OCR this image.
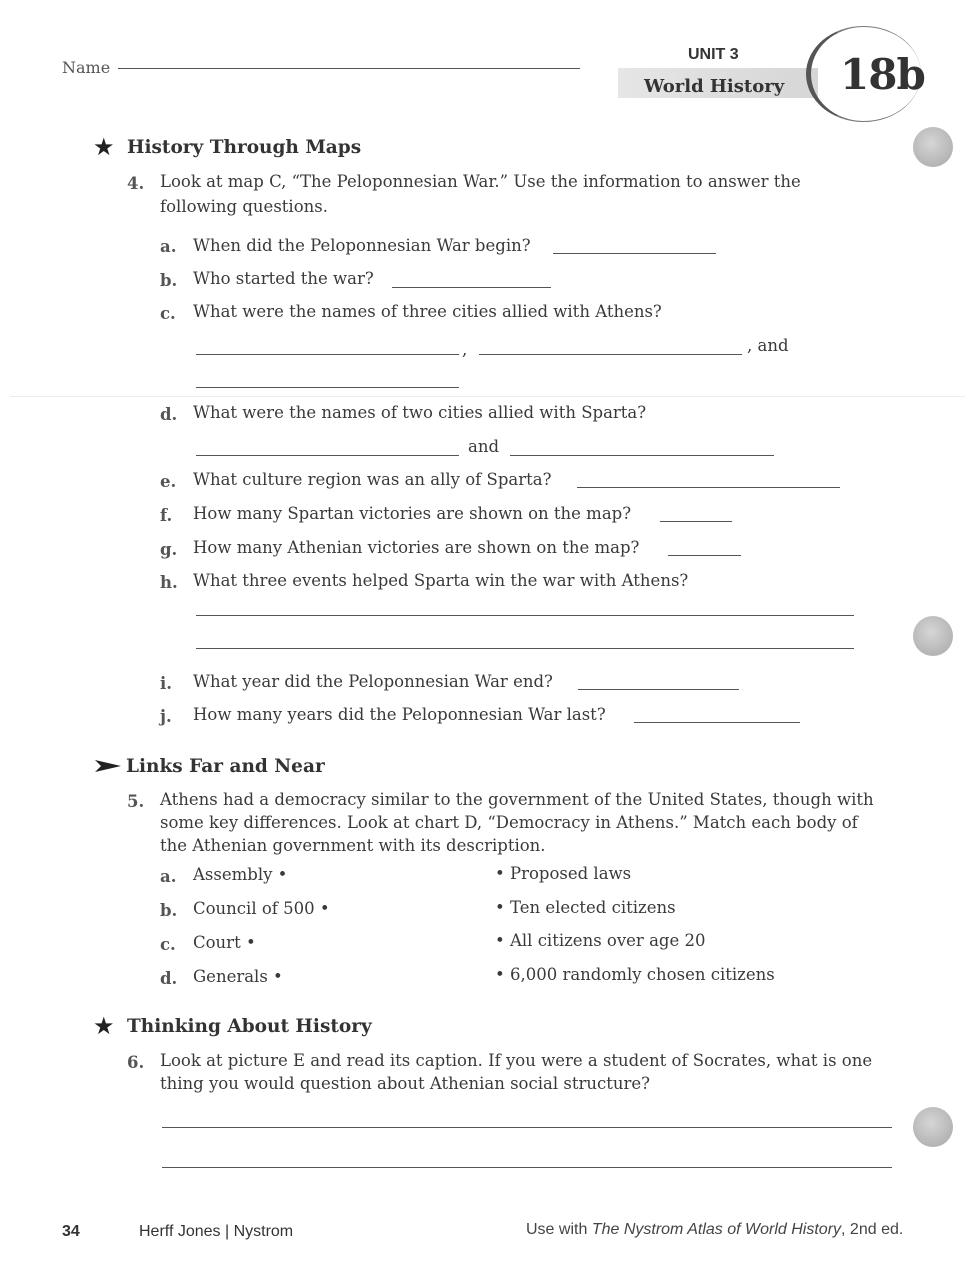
Name
UNIT 3
World History 18b
★ History Through Maps
4. Look at map C, “The Peloponnesian War.” Use the information to answer the
following questions.
a. When did the Peloponnesian War begin?
b. Who started the war?
c. What were the names of three cities allied with Athens?
,	, and
d. What were the names of two cities allied with Sparta?
and
e. What culture region was an ally of Sparta?
f. How many Spartan victories are shown on the map?
g. How many Athenian victories are shown on the map?
h. What three events helped Sparta win the war with Athens?
i. What year did the Peloponnesian War end?
j. How many years did the Peloponnesian War last?
Links Far and Near
5. Athens had a democracy similar to the government of the United States, though with
some key differences. Look at chart D, “Democracy in Athens.” Match each body of
the Athenian government with its description.
a. Assembly •	• Proposed laws
b. Council of 500 •	• Ten elected citizens
c. Court •	• All citizens over age 20
d. Generals •	• 6,000 randomly chosen citizens
★ Thinking About History
6. Look at picture E and read its caption. If you were a student of Socrates, what is one
thing you would question about Athenian social structure?
34	Herff Jones | Nystrom	Use with The Nystrom Atlas of World History, 2nd ed.
